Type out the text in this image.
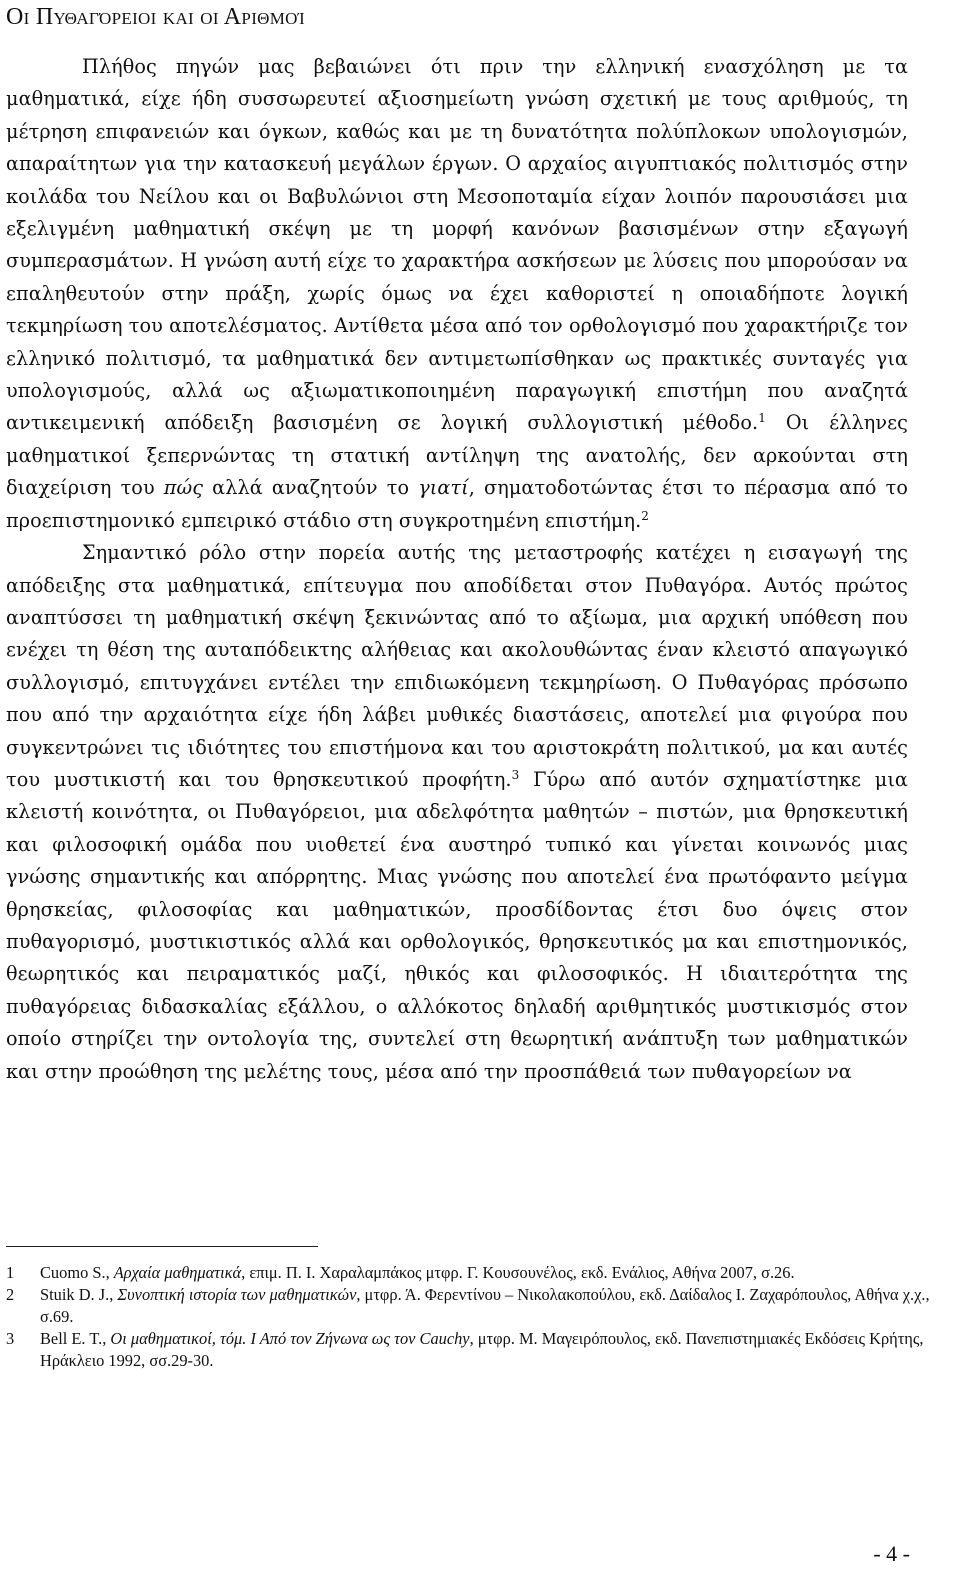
Οι Πυθαγόρειοι και οι Αριθμοί

Πλήθος πηγών μας βεβαιώνει ότι πριν την ελληνική ενασχόληση με τα μαθηματικά, είχε ήδη συσσωρευτεί αξιοσημείωτη γνώση σχετική με τους αριθμούς, τη μέτρηση επιφανειών και όγκων, καθώς και με τη δυνατότητα πολύπλοκων υπολογισμών, απαραίτητων για την κατασκευή μεγάλων έργων. Ο αρχαίος αιγυπτιακός πολιτισμός στην κοιλάδα του Νείλου και οι Βαβυλώνιοι στη Μεσοποταμία είχαν λοιπόν παρουσιάσει μια εξελιγμένη μαθηματική σκέψη με τη μορφή κανόνων βασισμένων στην εξαγωγή συμπερασμάτων. Η γνώση αυτή είχε το χαρακτήρα ασκήσεων με λύσεις που μπορούσαν να επαληθευτούν στην πράξη, χωρίς όμως να έχει καθοριστεί η οποιαδήποτε λογική τεκμηρίωση του αποτελέσματος. Αντίθετα μέσα από τον ορθολογισμό που χαρακτήριζε τον ελληνικό πολιτισμό, τα μαθηματικά δεν αντιμετωπίσθηκαν ως πρακτικές συνταγές για υπολογισμούς, αλλά ως αξιωματικοποιημένη παραγωγική επιστήμη που αναζητά αντικειμενική απόδειξη βασισμένη σε λογική συλλογιστική μέθοδο.$^1$ Οι έλληνες μαθηματικοί ξεπερνώντας τη στατική αντίληψη της ανατολής, δεν αρκούνται στη διαχείριση του πώς αλλά αναζητούν το γιατί, σηματοδοτώντας έτσι το πέρασμα από το προεπιστημονικό εμπειρικό στάδιο στη συγκροτημένη επιστήμη.$^2$

Σημαντικό ρόλο στην πορεία αυτής της μεταστροφής κατέχει η εισαγωγή της απόδειξης στα μαθηματικά, επίτευγμα που αποδίδεται στον Πυθαγόρα. Αυτός πρώτος αναπτύσσει τη μαθηματική σκέψη ξεκινώντας από το αξίωμα, μια αρχική υπόθεση που ενέχει τη θέση της αυταπόδεικτης αλήθειας και ακολουθώντας έναν κλειστό απαγωγικό συλλογισμό, επιτυγχάνει εντέλει την επιδιωκόμενη τεκμηρίωση. Ο Πυθαγόρας πρόσωπο που από την αρχαιότητα είχε ήδη λάβει μυθικές διαστάσεις, αποτελεί μια φιγούρα που συγκεντρώνει τις ιδιότητες του επιστήμονα και του αριστοκράτη πολιτικού, μα και αυτές του μυστικιστή και του θρησκευτικού προφήτη.$^3$ Γύρω από αυτόν σχηματίστηκε μια κλειστή κοινότητα, οι Πυθαγόρειοι, μια αδελφότητα μαθητών – πιστών, μια θρησκευτική και φιλοσοφική ομάδα που υιοθετεί ένα αυστηρό τυπικό και γίνεται κοινωνός μιας γνώσης σημαντικής και απόρρητης. Μιας γνώσης που αποτελεί ένα πρωτόφαντο μείγμα θρησκείας, φιλοσοφίας και μαθηματικών, προσδίδοντας έτσι δυο όψεις στον πυθαγορισμό, μυστικιστικός αλλά και ορθολογικός, θρησκευτικός μα και επιστημονικός, θεωρητικός και πειραματικός μαζί, ηθικός και φιλοσοφικός. Η ιδιαιτερότητα της πυθαγόρειας διδασκαλίας εξάλλου, ο αλλόκοτος δηλαδή αριθμητικός μυστικισμός στον οποίο στηρίζει την οντολογία της, συντελεί στη θεωρητική ανάπτυξη των μαθηματικών και στην προώθηση της μελέτης τους, μέσα από την προσπάθειά των πυθαγορείων να

1 Cuomo S., Αρχαία μαθηματικά, επιμ. Π. Ι. Χαραλαμπάκος μτφρ. Γ. Κουσουνέλος, εκδ. Ενάλιος, Αθήνα 2007, σ.26.
2 Stuik D. J., Συνοπτική ιστορία των μαθηματικών, μτφρ. Ά. Φερεντίνου – Νικολακοπούλου, εκδ. Δαίδαλος Ι. Ζαχαρόπουλος, Αθήνα χ.χ., σ.69.
3 Bell E. T., Οι μαθηματικοί, τόμ. Ι Από τον Ζήνωνα ως τον Cauchy, μτφρ. Μ. Μαγειρόπουλος, εκδ. Πανεπιστημιακές Εκδόσεις Κρήτης, Ηράκλειο 1992, σσ.29-30.
- 4 -
